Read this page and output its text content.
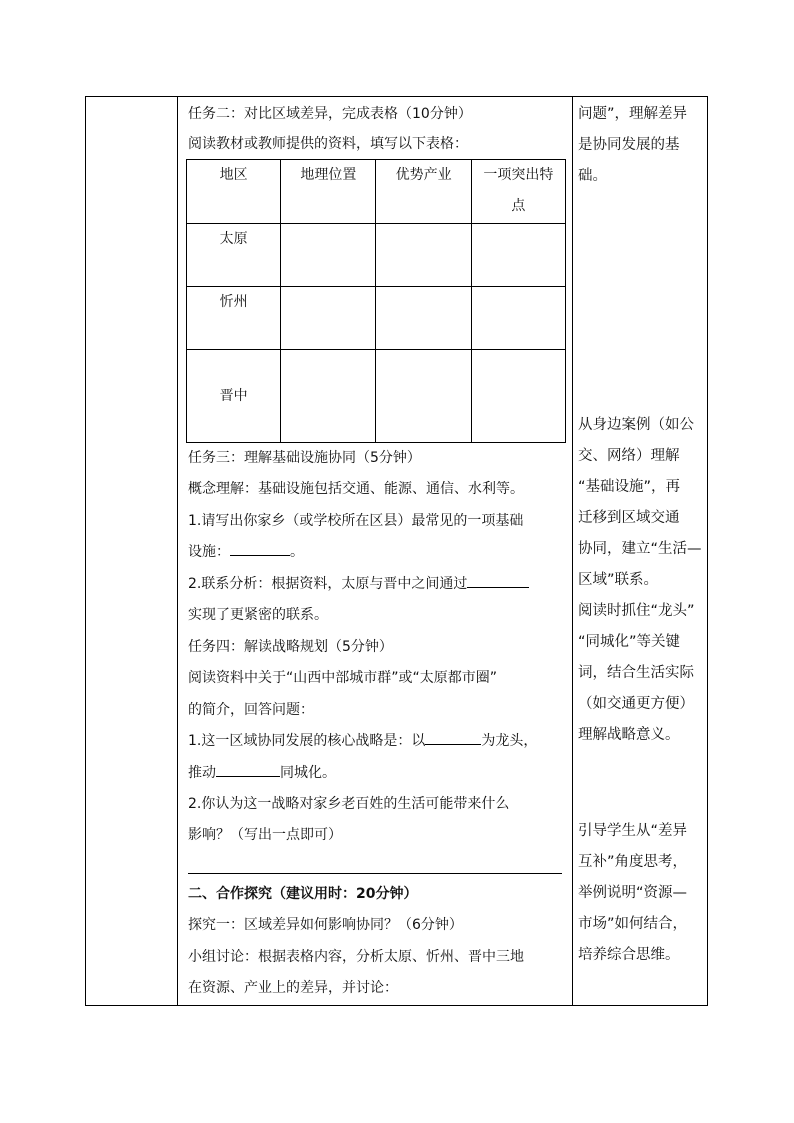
任务二：对比区域差异，完成表格（10分钟）
阅读教材或教师提供的资料，填写以下表格：
地区	地理位置	优势产业	一项突出特
点
太原			
忻州			
晋中			
任务三：理解基础设施协同（5分钟）
概念理解：基础设施包括交通、能源、通信、水利等。
1.请写出你家乡（或学校所在区县）最常见的一项基础
设施：	。
2.联系分析：根据资料，太原与晋中之间通过
实现了更紧密的联系。
任务四：解读战略规划（5分钟）
阅读资料中关于“山西中部城市群”或“太原都市圈”
的简介，回答问题：
1.这一区域协同发展的核心战略是：以	为龙头，
推动	同城化。
2.你认为这一战略对家乡老百姓的生活可能带来什么
影响？（写出一点即可）
二、合作探究（建议用时：20分钟）
探究一：区域差异如何影响协同？（6分钟）
小组讨论：根据表格内容，分析太原、忻州、晋中三地
在资源、产业上的差异，并讨论：
问题”，理解差异
是协同发展的基
础。
从身边案例（如公
交、网络）理解
“基础设施”，再
迁移到区域交通
协同，建立“生活—
区域”联系。
阅读时抓住“龙头”
“同城化”等关键
词，结合生活实际
（如交通更方便）
理解战略意义。
引导学生从“差异
互补”角度思考，
举例说明“资源—
市场”如何结合，
培养综合思维。
